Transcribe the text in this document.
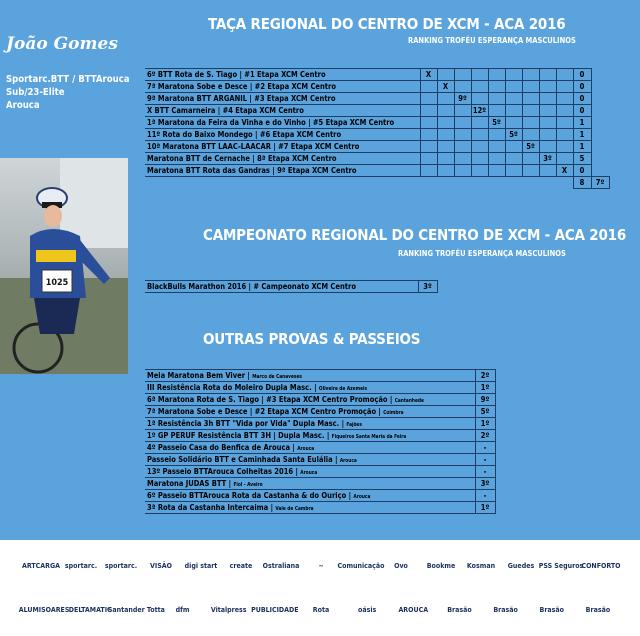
João Gomes
Sportarc.BTT / BTTArouca
Sub/23-Elite
Arouca
1025
TAÇA REGIONAL DO CENTRO DE XCM - ACA 2016
RANKING TROFÉU ESPERANÇA MASCULINOS
6º BTT Rota de S. Tiago | #1 Etapa XCM Centro	X									0	
7ª Maratona Sobe e Desce | #2 Etapa XCM Centro		X								0	
9ª Maratona BTT ARGANIL | #3 Etapa XCM Centro			9º							0	
X BTT Camarneira | #4 Etapa XCM Centro				12º						0	
1ª Maratona da Feira da Vinha e do Vinho | #5 Etapa XCM Centro					5º					1	
11º Rota do Baixo Mondego | #6 Etapa XCM Centro						5º				1	
10ª Maratona BTT LAAC-LAACAR | #7 Etapa XCM Centro							5º			1	
Maratona BTT de Cernache | 8ª Etapa XCM Centro								3º		5	
Maratona BTT Rota das Gandras | 9ª Etapa XCM Centro									X	0	
										8	7º
CAMPEONATO REGIONAL DO CENTRO DE XCM - ACA 2016
RANKING TROFÉU ESPERANÇA MASCULINOS
BlackBulls Marathon 2016 | # Campeonato XCM Centro	3º
OUTRAS PROVAS & PASSEIOS
Meia Maratona Bem Viver | Marco de Canaveses	2º
III Resistência Rota do Moleiro Dupla Masc. | Oliveira de Azemeis	1º
6ª Maratona Rota de S. Tiago | #3 Etapa XCM Centro Promoção | Cantanhede	9º
7ª Maratona Sobe e Desce | #2 Etapa XCM Centro Promoção | Coimbra	5º
1ª Resistência 3h BTT "Vida por Vida" Dupla Masc. | Fajões	1º
1º GP PERUF Resistência BTT 3H | Dupla Masc. | Fiqueiros Santa Maria da Feira	2º
4º Passeio Casa do Benfica de Arouca | Arouca	-
Passeio Solidário BTT e Caminhada Santa Eulália | Arouca	-
13º Passeio BTTArouca Colheitas 2016 | Arouca	-
Maratona JUDAS BTT | Fiol - Aveiro	3º
6º Passeio BTTArouca Rota da Castanha & do Ouriço | Arouca	-
3ª Rota da Castanha Intercaima | Vale de Cambra	1º
ARTCARGA sportarc. sportarc.	VISÃO	digi start	create	Ostraliana	~	Comunicação	Ovo	Bookme	Kosman	Guedes PSS Seguros
CONFORTO
ALUMISOARES DELTAMATIC
Santander Totta	dfm	Vitalpress PUBLICIDADE	Rota	oásis	AROUCA	Brasão	Brasão	Brasão	Brasão
